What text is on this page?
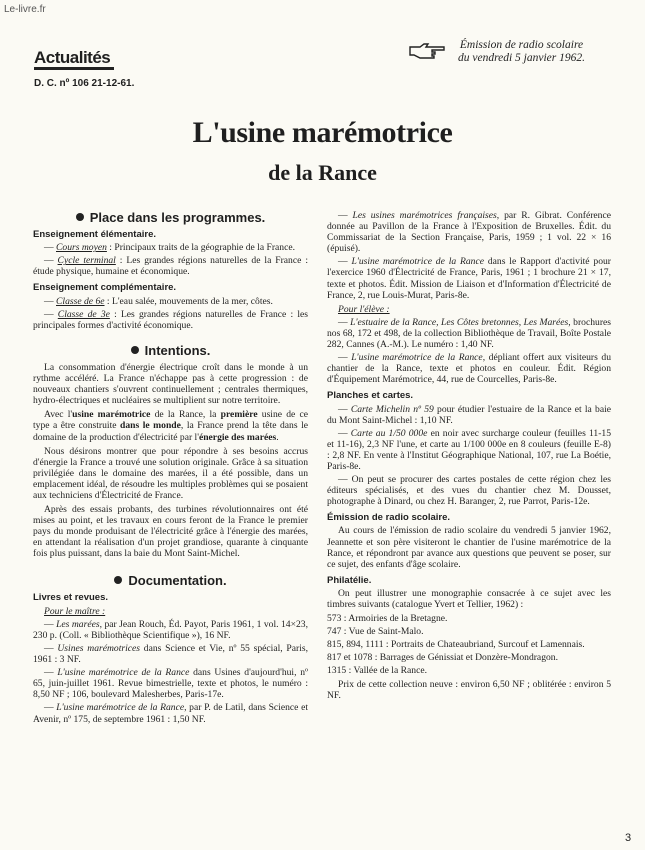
Le-livre.fr
Actualités
D. C. nº 106 21-12-61.
Émission de radio scolaire
du vendredi 5 janvier 1962.
L'usine marémotrice
de la Rance
Place dans les programmes.
Enseignement élémentaire.
— Cours moyen : Principaux traits de la géographie de la France.
— Cycle terminal : Les grandes régions naturelles de la France : étude physique, humaine et économique.
Enseignement complémentaire.
— Classe de 6e : L'eau salée, mouvements de la mer, côtes.
— Classe de 3e : Les grandes régions naturelles de France : les principales formes d'activité économique.
Intentions.
La consommation d'énergie électrique croît dans le monde à un rythme accéléré. La France n'échappe pas à cette progression : de nouveaux chantiers s'ouvrent continuellement ; centrales thermiques, hydro-électriques et nucléaires se multiplient sur notre territoire.
Avec l'usine marémotrice de la Rance, la première usine de ce type a être construite dans le monde, la France prend la tête dans le domaine de la production d'électricité par l'énergie des marées.
Nous désirons montrer que pour répondre à ses besoins accrus d'énergie la France a trouvé une solution originale. Grâce à sa situation privilégiée dans le domaine des marées, il a été possible, dans un emplacement idéal, de résoudre les multiples problèmes qui se posaient aux techniciens d'Électricité de France.
Après des essais probants, des turbines révolutionnaires ont été mises au point, et les travaux en cours feront de la France le premier pays du monde produisant de l'électricité grâce à l'énergie des marées, en attendant la réalisation d'un projet grandiose, quarante à cinquante fois plus puissant, dans la baie du Mont Saint-Michel.
Documentation.
Livres et revues.
Pour le maître :
— Les marées, par Jean Rouch, Éd. Payot, Paris 1961, 1 vol. 14×23, 230 p. (Coll. « Bibliothèque Scientifique »), 16 NF.
— Usines marémotrices dans Science et Vie, nº 55 spécial, Paris, 1961 : 3 NF.
— L'usine marémotrice de la Rance dans Usines d'aujourd'hui, nº 65, juin-juillet 1961. Revue bimestrielle, texte et photos, le numéro : 8,50 NF ; 106, boulevard Malesherbes, Paris-17e.
— L'usine marémotrice de la Rance, par P. de Latil, dans Science et Avenir, nº 175, de septembre 1961 : 1,50 NF.
— Les usines marémotrices françaises, par R. Gibrat. Conférence donnée au Pavillon de la France à l'Exposition de Bruxelles. Édit. du Commissariat de la Section Française, Paris, 1959 ; 1 vol. 22 × 16 (épuisé).
— L'usine marémotrice de la Rance dans le Rapport d'activité pour l'exercice 1960 d'Électricité de France, Paris, 1961 ; 1 brochure 21 × 17, texte et photos. Édit. Mission de Liaison et d'Information d'Électricité de France, 2, rue Louis-Murat, Paris-8e.
Pour l'élève :
— L'estuaire de la Rance, Les Côtes bretonnes, Les Marées, brochures nos 68, 172 et 498, de la collection Bibliothèque de Travail, Boîte Postale 282, Cannes (A.-M.). Le numéro : 1,40 NF.
— L'usine marémotrice de la Rance, dépliant offert aux visiteurs du chantier de la Rance, texte et photos en couleur. Édit. Région d'Équipement Marémotrice, 44, rue de Courcelles, Paris-8e.
Planches et cartes.
— Carte Michelin nº 59 pour étudier l'estuaire de la Rance et la baie du Mont Saint-Michel : 1,10 NF.
— Carte au 1/50 000e en noir avec surcharge couleur (feuilles 11-15 et 11-16), 2,3 NF l'une, et carte au 1/100 000e en 8 couleurs (feuille E-8) : 2,8 NF. En vente à l'Institut Géographique National, 107, rue La Boétie, Paris-8e.
— On peut se procurer des cartes postales de cette région chez les éditeurs spécialisés, et des vues du chantier chez M. Dousset, photographe à Dinard, ou chez H. Baranger, 2, rue Parrot, Paris-12e.
Émission de radio scolaire.
Au cours de l'émission de radio scolaire du vendredi 5 janvier 1962, Jeannette et son père visiteront le chantier de l'usine marémotrice de la Rance, et répondront par avance aux questions que peuvent se poser, sur ce sujet, des enfants d'âge scolaire.
Philatélie.
On peut illustrer une monographie consacrée à ce sujet avec les timbres suivants (catalogue Yvert et Tellier, 1962) :
573 : Armoiries de la Bretagne.
747 : Vue de Saint-Malo.
815, 894, 1111 : Portraits de Chateaubriand, Surcouf et Lamennais.
817 et 1078 : Barrages de Génissiat et Donzère-Mondragon.
1315 : Vallée de la Rance.
Prix de cette collection neuve : environ 6,50 NF ; oblitérée : environ 5 NF.
3
